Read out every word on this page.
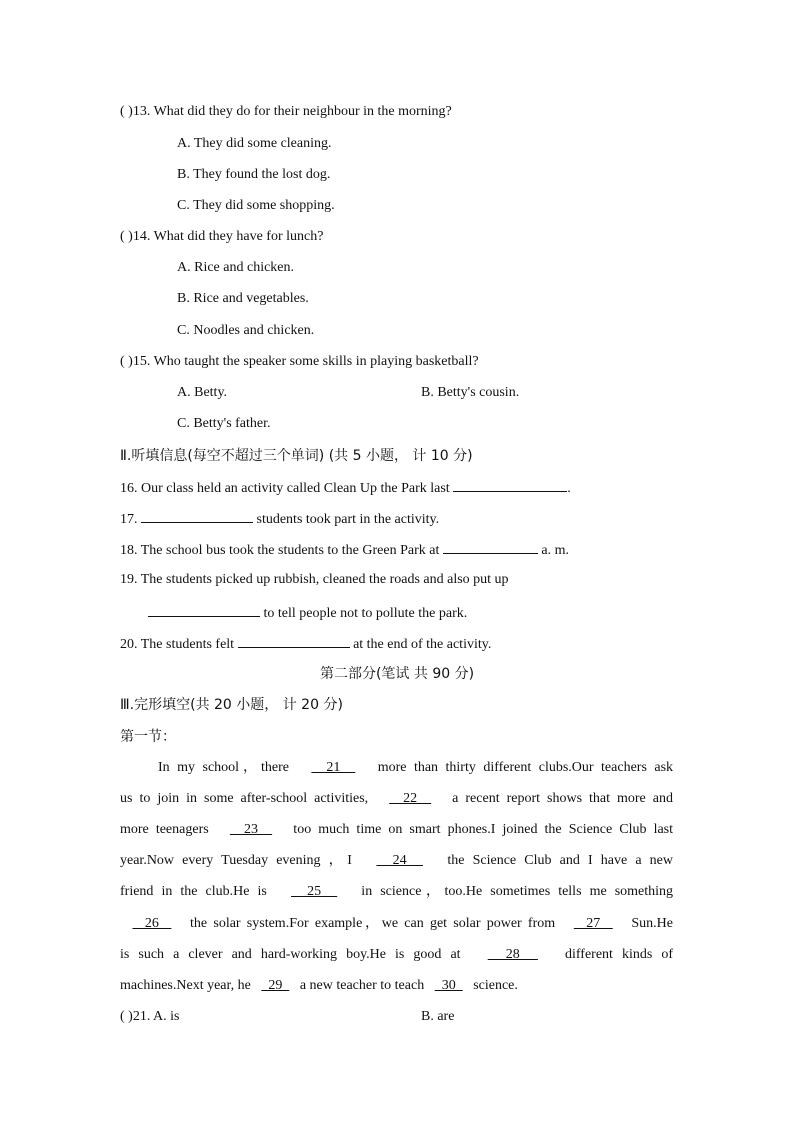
( )13. What did they do for their neighbour in the morning?
A. They did some cleaning.
B. They found the lost dog.
C. They did some shopping.
( )14. What did they have for lunch?
A. Rice and chicken.
B. Rice and vegetables.
C. Noodles and chicken.
( )15. Who taught the speaker some skills in playing basketball?
A. Betty.	B. Betty's cousin.
C. Betty's father.
Ⅱ.听填信息(每空不超过三个单词) (共 5 小题， 计 10 分)
16. Our class held an activity called Clean Up the Park last	.
17.	students took part in the activity.
18. The school bus took the students to the Green Park at	a. m.
19. The students picked up rubbish, cleaned the roads and also put up
to tell people not to pollute the park.
20. The students felt	at the end of the activity.
第二部分(笔试 共 90 分)
Ⅲ.完形填空(共 20 小题， 计 20 分)
第一节：
In my school，there     21     more than thirty different clubs.Our teachers ask
us to join in some after-school activities,     22     a recent report shows that more and
more teenagers     23     too much time on smart phones.I joined the Science Club last
year.Now every Tuesday evening ，I     24     the Science Club and I have a new
friend in the club.He is     25     in science，too.He sometimes tells me something
26     the solar system.For example，we can get solar power from     27     Sun.He
is such a clever and hard-working boy.He is good at     28     different kinds of
machines.Next year, he     29     a new teacher to teach     30     science.
( )21. A. is	B. are
